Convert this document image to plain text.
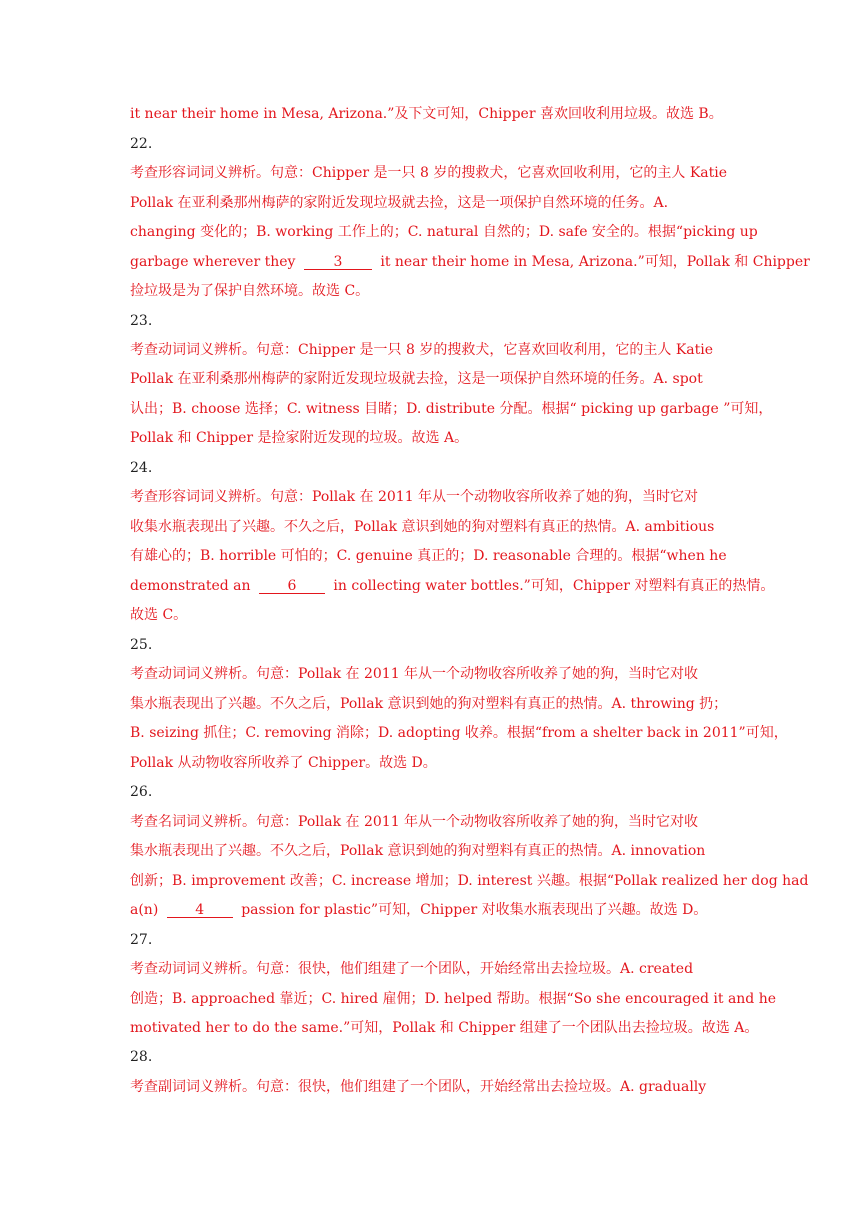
it near their home in Mesa, Arizona.”及下文可知，Chipper 喜欢回收利用垃圾。故选 B。
22.
考查形容词词义辨析。句意：Chipper 是一只 8 岁的搜救犬，它喜欢回收利用，它的主人 Katie
Pollak 在亚利桑那州梅萨的家附近发现垃圾就去捡，这是一项保护自然环境的任务。A.
changing 变化的；B. working 工作上的；C. natural 自然的；D. safe 安全的。根据“picking up
garbage wherever they	3	it near their home in Mesa, Arizona.”可知，Pollak 和 Chipper
捡垃圾是为了保护自然环境。故选 C。
23.
考查动词词义辨析。句意：Chipper 是一只 8 岁的搜救犬，它喜欢回收利用，它的主人 Katie
Pollak 在亚利桑那州梅萨的家附近发现垃圾就去捡，这是一项保护自然环境的任务。A. spot
认出；B. choose 选择；C. witness 目睹；D. distribute 分配。根据“ picking up garbage ”可知，
Pollak 和 Chipper 是捡家附近发现的垃圾。故选 A。
24.
考查形容词词义辨析。句意：Pollak 在 2011 年从一个动物收容所收养了她的狗，当时它对
收集水瓶表现出了兴趣。不久之后，Pollak 意识到她的狗对塑料有真正的热情。A. ambitious
有雄心的；B. horrible 可怕的；C. genuine 真正的；D. reasonable 合理的。根据“when he
demonstrated an	6	in collecting water bottles.”可知，Chipper 对塑料有真正的热情。
故选 C。
25.
考查动词词义辨析。句意：Pollak 在 2011 年从一个动物收容所收养了她的狗，当时它对收
集水瓶表现出了兴趣。不久之后，Pollak 意识到她的狗对塑料有真正的热情。A. throwing 扔；
B. seizing 抓住；C. removing 消除；D. adopting 收养。根据“from a shelter back in 2011”可知，
Pollak 从动物收容所收养了 Chipper。故选 D。
26.
考查名词词义辨析。句意：Pollak 在 2011 年从一个动物收容所收养了她的狗，当时它对收
集水瓶表现出了兴趣。不久之后，Pollak 意识到她的狗对塑料有真正的热情。A. innovation
创新；B. improvement 改善；C. increase 增加；D. interest 兴趣。根据“Pollak realized her dog had
a(n)	4	passion for plastic”可知，Chipper 对收集水瓶表现出了兴趣。故选 D。
27.
考查动词词义辨析。句意：很快，他们组建了一个团队，开始经常出去捡垃圾。A. created
创造；B. approached 靠近；C. hired 雇佣；D. helped 帮助。根据“So she encouraged it and he
motivated her to do the same.”可知，Pollak 和 Chipper 组建了一个团队出去捡垃圾。故选 A。
28.
考查副词词义辨析。句意：很快，他们组建了一个团队，开始经常出去捡垃圾。A. gradually
